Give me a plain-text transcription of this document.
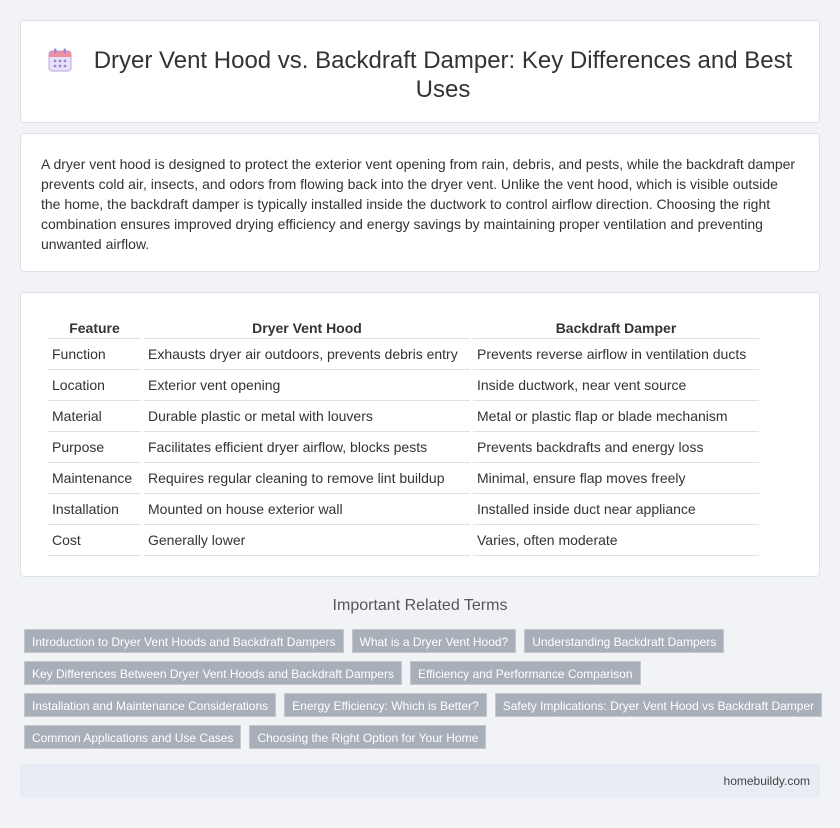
Dryer Vent Hood vs. Backdraft Damper: Key Differences and Best Uses

A dryer vent hood is designed to protect the exterior vent opening from rain, debris, and pests, while the backdraft damper prevents cold air, insects, and odors from flowing back into the dryer vent. Unlike the vent hood, which is visible outside the home, the backdraft damper is typically installed inside the ductwork to control airflow direction. Choosing the right combination ensures improved drying efficiency and energy savings by maintaining proper ventilation and preventing unwanted airflow.

Feature	Dryer Vent Hood	Backdraft Damper
Function	Exhausts dryer air outdoors, prevents debris entry	Prevents reverse airflow in ventilation ducts
Location	Exterior vent opening	Inside ductwork, near vent source
Material	Durable plastic or metal with louvers	Metal or plastic flap or blade mechanism
Purpose	Facilitates efficient dryer airflow, blocks pests	Prevents backdrafts and energy loss
Maintenance	Requires regular cleaning to remove lint buildup	Minimal, ensure flap moves freely
Installation	Mounted on house exterior wall	Installed inside duct near appliance
Cost	Generally lower	Varies, often moderate
Important Related Terms
Introduction to Dryer Vent Hoods and Backdraft Dampers	What is a Dryer Vent Hood?	Understanding Backdraft Dampers
Key Differences Between Dryer Vent Hoods and Backdraft Dampers	Efficiency and Performance Comparison
Installation and Maintenance Considerations	Energy Efficiency: Which is Better?	Safety Implications: Dryer Vent Hood vs Backdraft Damper
Common Applications and Use Cases	Choosing the Right Option for Your Home
homebuildy.com
